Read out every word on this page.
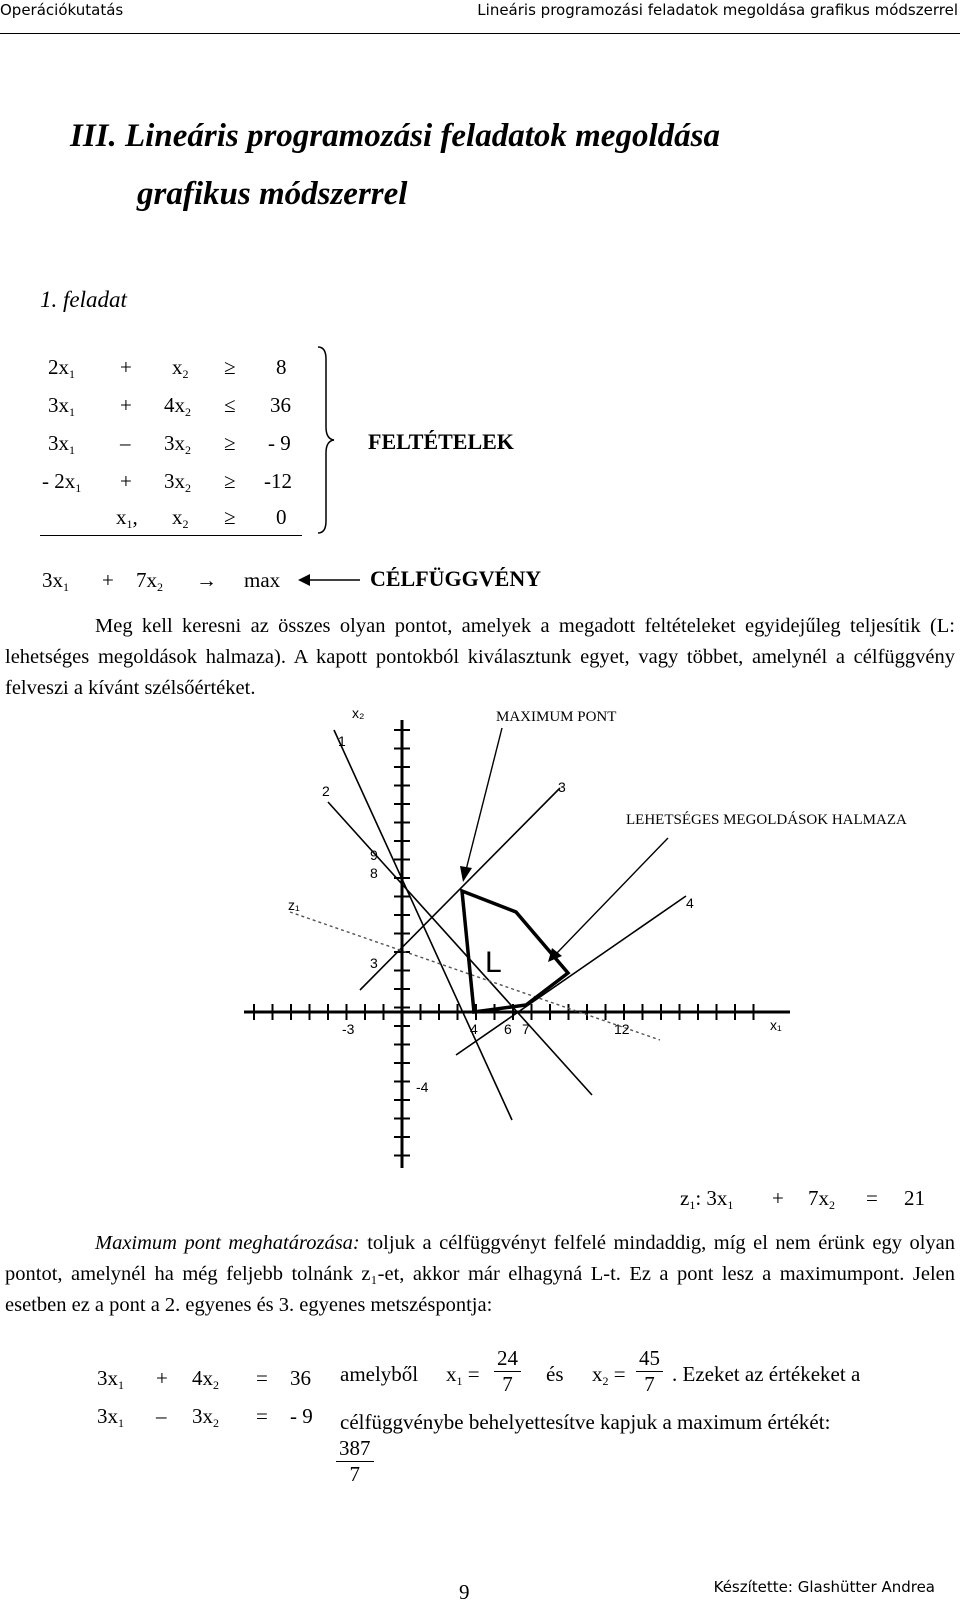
Operációkutatás	Lineáris programozási feladatok megoldása grafikus módszerrel
III. Lineáris programozási feladatok megoldása
grafikus módszerrel
1. feladat
$2x_1 + x_2 \ge 8$
$3x_1 + 4x_2 \le 36$
$3x_1 - 3x_2$ ≥ - 9
- $2x_1 + 3x_2 \ge -12$
$x_1$, $x_2 \ge 0$
FELTÉTELEK
$3x_1 + 7x_2 \to \max$	CÉLFÜGGVÉNY
Meg kell keresni az összes olyan pontot, amelyek a megadott feltételeket egyidejűleg teljesítik (L: lehetséges megoldások halmaza). A kapott pontokból kiválasztunk egyet, vagy többet, amelynél a célfüggvény felveszi a kívánt szélsőértéket.
L
x₂
x₁
z₁
1
2	3
4
9
8
3
-4
-3	4 6 7	12
MAXIMUM PONT
LEHETSÉGES MEGOLDÁSOK HALMAZA
$z_1$: $3x_1 + 7x_2 = 21$
Maximum pont meghatározása: toljuk a célfüggvényt felfelé mindaddig, míg el nem érünk egy olyan pontot, amelynél ha még feljebb tolnánk z₁-et, akkor már elhagyná L-t. Ez a pont lesz a maximumpont. Jelen esetben ez a pont a 2. egyenes és 3. egyenes metszéspontja:
$3x_1 + 4x_2 = 36$
$3x_1 - 3x_2$ = - 9
amelyből $x_1 = \frac{24}{7}$ és $x_2 = \frac{45}{7}$ . Ezeket az értékeket a
célfüggvénybe behelyettesítve kapjuk a maximum értékét:
$\frac{387}{7}$
9	Készítette: Glashütter Andrea
